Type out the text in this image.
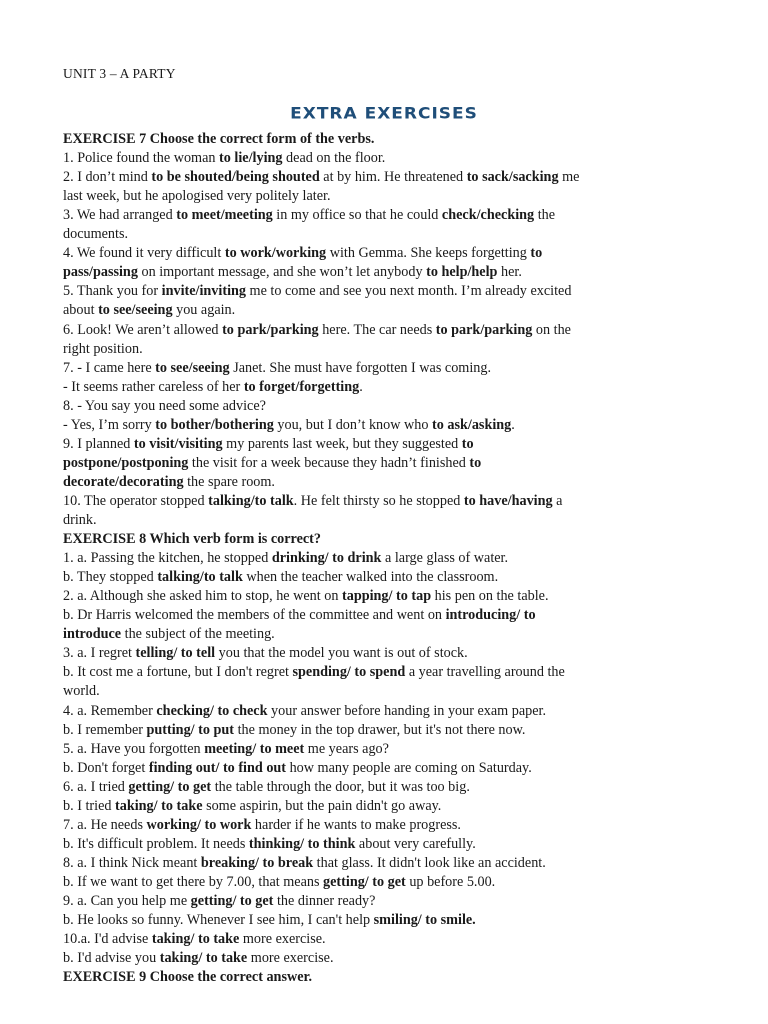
UNIT 3 – A PARTY
EXTRA EXERCISES
EXERCISE 7 Choose the correct form of the verbs.
1. Police found the woman to lie/lying dead on the floor.
2. I don’t mind to be shouted/being shouted at by him. He threatened to sack/sacking me
last week, but he apologised very politely later.
3. We had arranged to meet/meeting in my office so that he could check/checking the
documents.
4. We found it very difficult to work/working with Gemma. She keeps forgetting to
pass/passing on important message, and she won’t let anybody to help/help her.
5. Thank you for invite/inviting me to come and see you next month. I’m already excited
about to see/seeing you again.
6. Look! We aren’t allowed to park/parking here. The car needs to park/parking on the
right position.
7. - I came here to see/seeing Janet. She must have forgotten I was coming.
- It seems rather careless of her to forget/forgetting.
8. - You say you need some advice?
- Yes, I’m sorry to bother/bothering you, but I don’t know who to ask/asking.
9. I planned to visit/visiting my parents last week, but they suggested to
postpone/postponing the visit for a week because they hadn’t finished to
decorate/decorating the spare room.
10. The operator stopped talking/to talk. He felt thirsty so he stopped to have/having a
drink.
EXERCISE 8 Which verb form is correct?
1. a. Passing the kitchen, he stopped drinking/ to drink a large glass of water.
b. They stopped talking/to talk when the teacher walked into the classroom.
2. a. Although she asked him to stop, he went on tapping/ to tap his pen on the table.
b. Dr Harris welcomed the members of the committee and went on introducing/ to
introduce the subject of the meeting.
3. a. I regret telling/ to tell you that the model you want is out of stock.
b. It cost me a fortune, but I don't regret spending/ to spend a year travelling around the
world.
4. a. Remember checking/ to check your answer before handing in your exam paper.
b. I remember putting/ to put the money in the top drawer, but it's not there now.
5. a. Have you forgotten meeting/ to meet me years ago?
b. Don't forget finding out/ to find out how many people are coming on Saturday.
6. a. I tried getting/ to get the table through the door, but it was too big.
b. I tried taking/ to take some aspirin, but the pain didn't go away.
7. a. He needs working/ to work harder if he wants to make progress.
b. It's difficult problem. It needs thinking/ to think about very carefully.
8. a. I think Nick meant breaking/ to break that glass. It didn't look like an accident.
b. If we want to get there by 7.00, that means getting/ to get up before 5.00.
9. a. Can you help me getting/ to get the dinner ready?
b. He looks so funny. Whenever I see him, I can't help smiling/ to smile.
10.a. I'd advise taking/ to take more exercise.
b. I'd advise you taking/ to take more exercise.
EXERCISE 9 Choose the correct answer.
